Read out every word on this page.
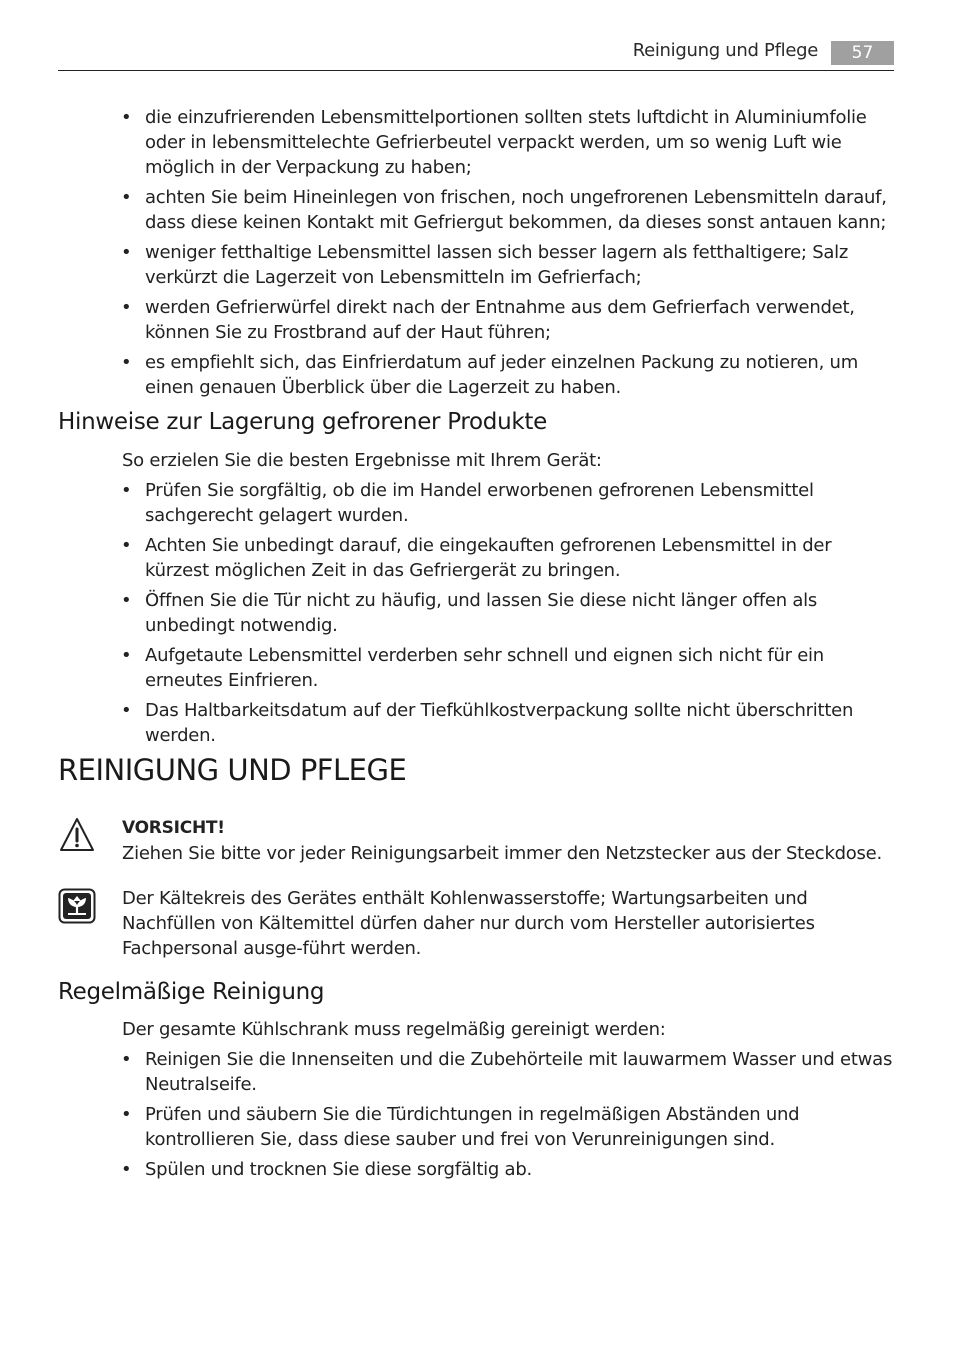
Reinigung und Pflege	57
• die einzufrierenden Lebensmittelportionen sollten stets luftdicht in Aluminiumfolie oder in lebensmittelechte Gefrierbeutel verpackt werden, um so wenig Luft wie möglich in der Verpackung zu haben;
• achten Sie beim Hineinlegen von frischen, noch ungefrorenen Lebensmitteln darauf, dass diese keinen Kontakt mit Gefriergut bekommen, da dieses sonst antauen kann;
• weniger fetthaltige Lebensmittel lassen sich besser lagern als fetthaltigere; Salz verkürzt die Lagerzeit von Lebensmitteln im Gefrierfach;
• werden Gefrierwürfel direkt nach der Entnahme aus dem Gefrierfach verwendet, können Sie zu Frostbrand auf der Haut führen;
• es empfiehlt sich, das Einfrierdatum auf jeder einzelnen Packung zu notieren, um einen genauen Überblick über die Lagerzeit zu haben.
Hinweise zur Lagerung gefrorener Produkte
So erzielen Sie die besten Ergebnisse mit Ihrem Gerät:
• Prüfen Sie sorgfältig, ob die im Handel erworbenen gefrorenen Lebensmittel sachgerecht gelagert wurden.
• Achten Sie unbedingt darauf, die eingekauften gefrorenen Lebensmittel in der kürzest möglichen Zeit in das Gefriergerät zu bringen.
• Öffnen Sie die Tür nicht zu häufig, und lassen Sie diese nicht länger offen als unbedingt notwendig.
• Aufgetaute Lebensmittel verderben sehr schnell und eignen sich nicht für ein erneutes Einfrieren.
• Das Haltbarkeitsdatum auf der Tiefkühlkostverpackung sollte nicht überschritten werden.
REINIGUNG UND PFLEGE
VORSICHT!
Ziehen Sie bitte vor jeder Reinigungsarbeit immer den Netzstecker aus der Steckdose.
Der Kältekreis des Gerätes enthält Kohlenwasserstoffe; Wartungsarbeiten und Nachfüllen von Kältemittel dürfen daher nur durch vom Hersteller autorisiertes Fachpersonal ausge-führt werden.
Regelmäßige Reinigung
Der gesamte Kühlschrank muss regelmäßig gereinigt werden:
• Reinigen Sie die Innenseiten und die Zubehörteile mit lauwarmem Wasser und etwas Neutralseife.
• Prüfen und säubern Sie die Türdichtungen in regelmäßigen Abständen und kontrollieren Sie, dass diese sauber und frei von Verunreinigungen sind.
• Spülen und trocknen Sie diese sorgfältig ab.
